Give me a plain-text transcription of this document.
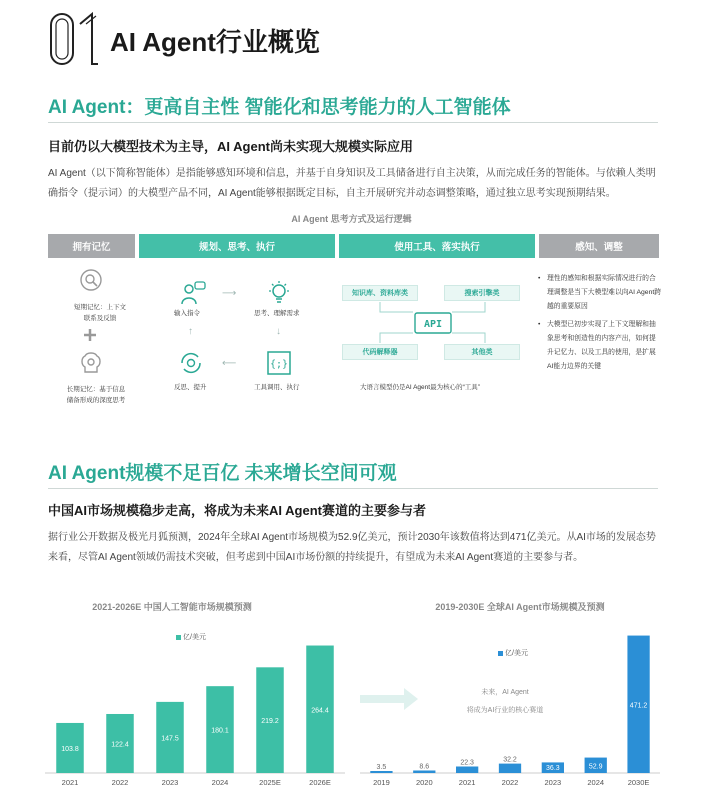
AI Agent行业概览
AI Agent：更高自主性 智能化和思考能力的人工智能体
目前仍以大模型技术为主导，AI Agent尚未实现大规模实际应用
AI Agent（以下简称智能体）是指能够感知环境和信息，并基于自身知识及工具储备进行自主决策，从而完成任务的智能体。与依赖人类明确指令（提示词）的大模型产品不同，AI Agent能够根据既定目标，自主开展研究并动态调整策略，通过独立思考实现预期结果。
AI Agent 思考方式及运行逻辑
拥有记忆	规划、思考、执行	使用工具、落实执行	感知、调整
短期记忆：上下文
联系及反馈
长期记忆：基于信息
储备形成的深度思考
输入指令
⟶
思考、理解需求
↓
反思、提升
↑
⟵	{;}
工具调用、执行
知识库、资料库类	搜索引擎类
代码解释器	其他类
API
大语言模型仍是AI Agent最为核心的“工具”
• 理性的感知和根据实际情况进行的合理调整是当下大模型难以向AI Agent跨越的重要原因
• 大模型已初步实现了上下文理解和抽象思考和创造性的内容产出，如何提升记忆力、以及工具的使用，是扩展AI能力边界的关键
AI Agent规模不足百亿 未来增长空间可观
中国AI市场规模稳步走高，将成为未来AI Agent赛道的主要参与者
据行业公开数据及极光月狐预测，2024年全球AI Agent市场规模为52.9亿美元，预计2030年该数值将达到471亿美元。从AI市场的发展态势来看，尽管AI Agent领域仍需技术突破，但考虑到中国AI市场份额的持续提升，有望成为未来AI Agent赛道的主要参与者。
2021-2026E 中国人工智能市场规模预测
亿/美元
103.8
2021
122.4
2022
147.5
2023
180.1
2024
219.2
2025E
264.4
2026E
2019-2030E 全球AI Agent市场规模及预测
亿/美元
未来，AI Agent
将成为AI行业的核心赛道
3.5
2019
8.6
2020
22.3
2021
32.2
2022
36.3
2023
52.9
2024
471.2
2030E
